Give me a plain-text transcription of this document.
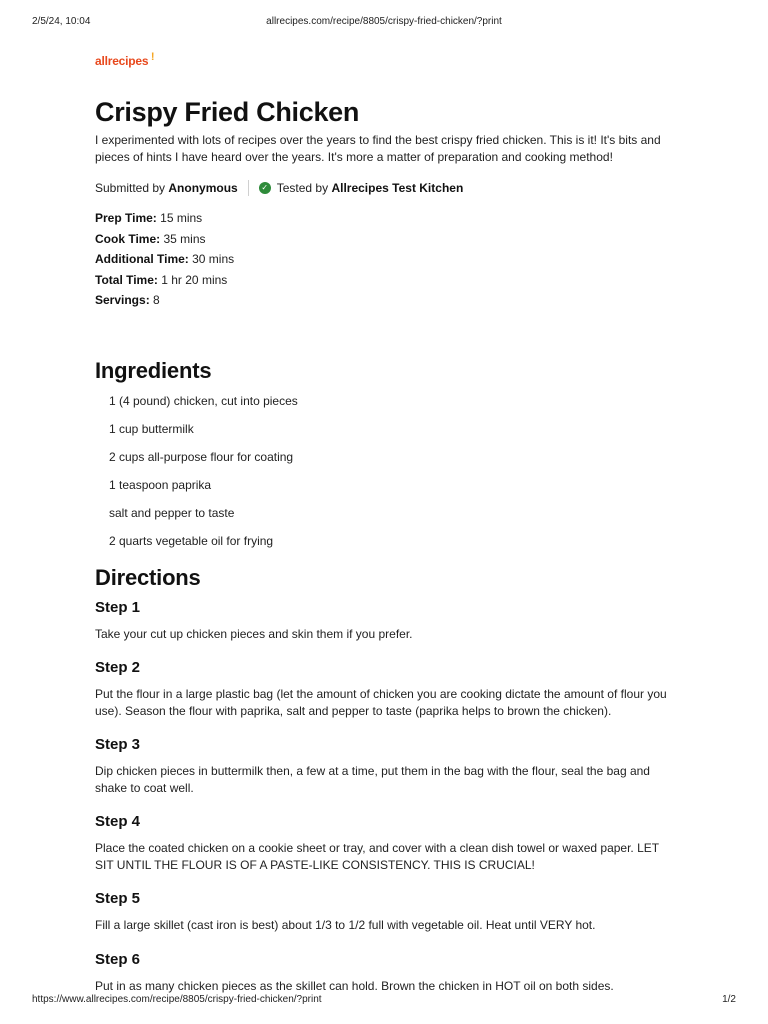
2/5/24, 10:04	allrecipes.com/recipe/8805/crispy-fried-chicken/?print
allrecipes !
Crispy Fried Chicken
I experimented with lots of recipes over the years to find the best crispy fried chicken. This is it! It's bits and pieces of hints I have heard over the years. It's more a matter of preparation and cooking method!
Submitted by
Anonymous	✓ Tested by
Allrecipes Test Kitchen
Prep Time: 15 mins
Cook Time: 35 mins
Additional Time: 30 mins
Total Time: 1 hr 20 mins
Servings: 8
Ingredients
1 (4 pound) chicken, cut into pieces
1 cup buttermilk
2 cups all-purpose flour for coating
1 teaspoon paprika
salt and pepper to taste
2 quarts vegetable oil for frying
Directions
Step 1
Take your cut up chicken pieces and skin them if you prefer.
Step 2
Put the flour in a large plastic bag (let the amount of chicken you are cooking dictate the amount of flour you use). Season the flour with paprika, salt and pepper to taste (paprika helps to brown the chicken).
Step 3
Dip chicken pieces in buttermilk then, a few at a time, put them in the bag with the flour, seal the bag and shake to coat well.
Step 4
Place the coated chicken on a cookie sheet or tray, and cover with a clean dish towel or waxed paper. LET SIT UNTIL THE FLOUR IS OF A PASTE-LIKE CONSISTENCY. THIS IS CRUCIAL!
Step 5
Fill a large skillet (cast iron is best) about 1/3 to 1/2 full with vegetable oil. Heat until VERY hot.
Step 6
Put in as many chicken pieces as the skillet can hold. Brown the chicken in HOT oil on both sides.
https://www.allrecipes.com/recipe/8805/crispy-fried-chicken/?print	1/2
